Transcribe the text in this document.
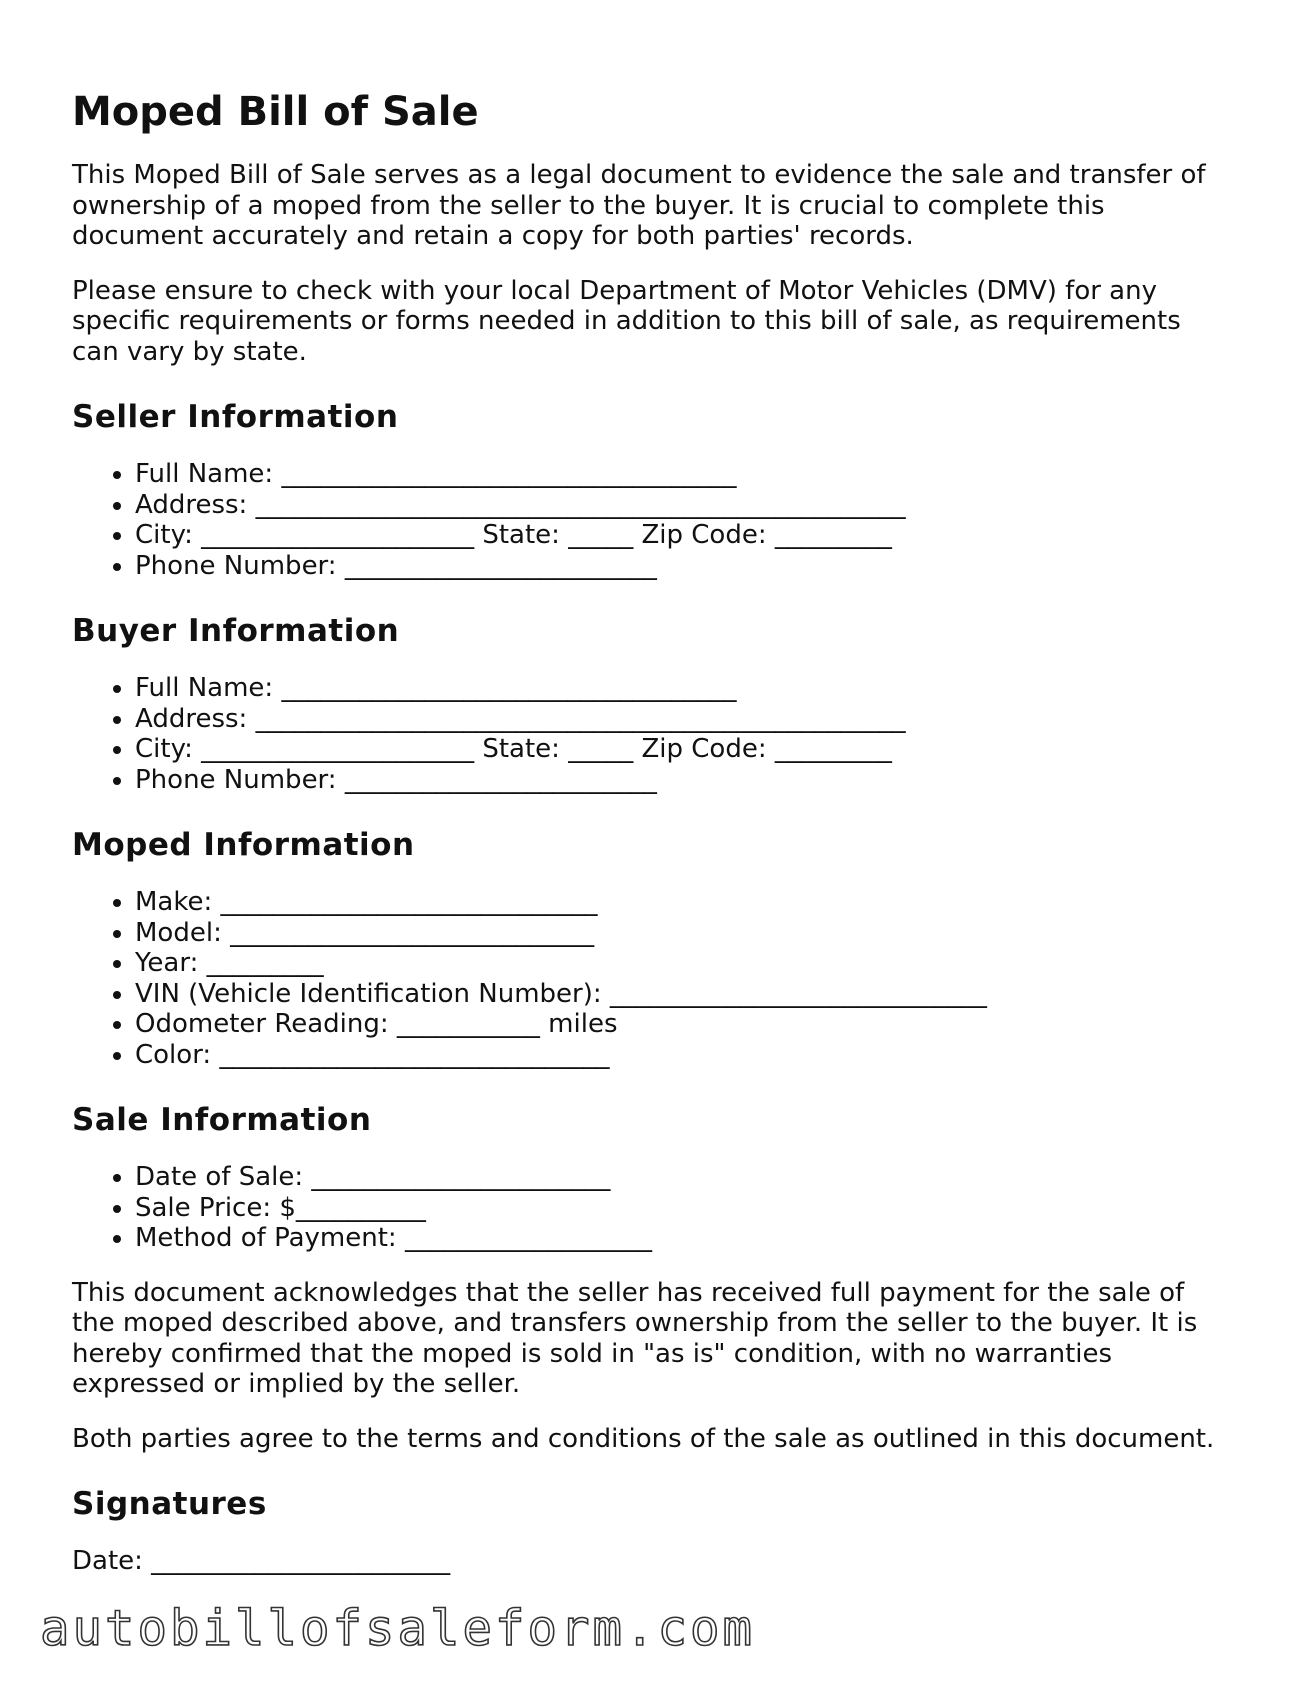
Moped Bill of Sale

This Moped Bill of Sale serves as a legal document to evidence the sale and transfer of ownership of a moped from the seller to the buyer. It is crucial to complete this document accurately and retain a copy for both parties' records.

Please ensure to check with your local Department of Motor Vehicles (DMV) for any specific requirements or forms needed in addition to this bill of sale, as requirements can vary by state.

Seller Information
• Full Name: ___________________________________
• Address: __________________________________________________
• City: _____________________ State: _____ Zip Code: _________
• Phone Number: ________________________
Buyer Information
• Full Name: ___________________________________
• Address: __________________________________________________
• City: _____________________ State: _____ Zip Code: _________
• Phone Number: ________________________
Moped Information
• Make: _____________________________
• Model: ____________________________
• Year: _________
• VIN (Vehicle Identification Number): _____________________________
• Odometer Reading: ___________ miles
• Color: ______________________________
Sale Information
• Date of Sale: _______________________
• Sale Price: $__________
• Method of Payment: ___________________

This document acknowledges that the seller has received full payment for the sale of the moped described above, and transfers ownership from the seller to the buyer. It is hereby confirmed that the moped is sold in "as is" condition, with no warranties expressed or implied by the seller.

Both parties agree to the terms and conditions of the sale as outlined in this document.

Signatures
Date: _______________________
autobillofsaleform.com
